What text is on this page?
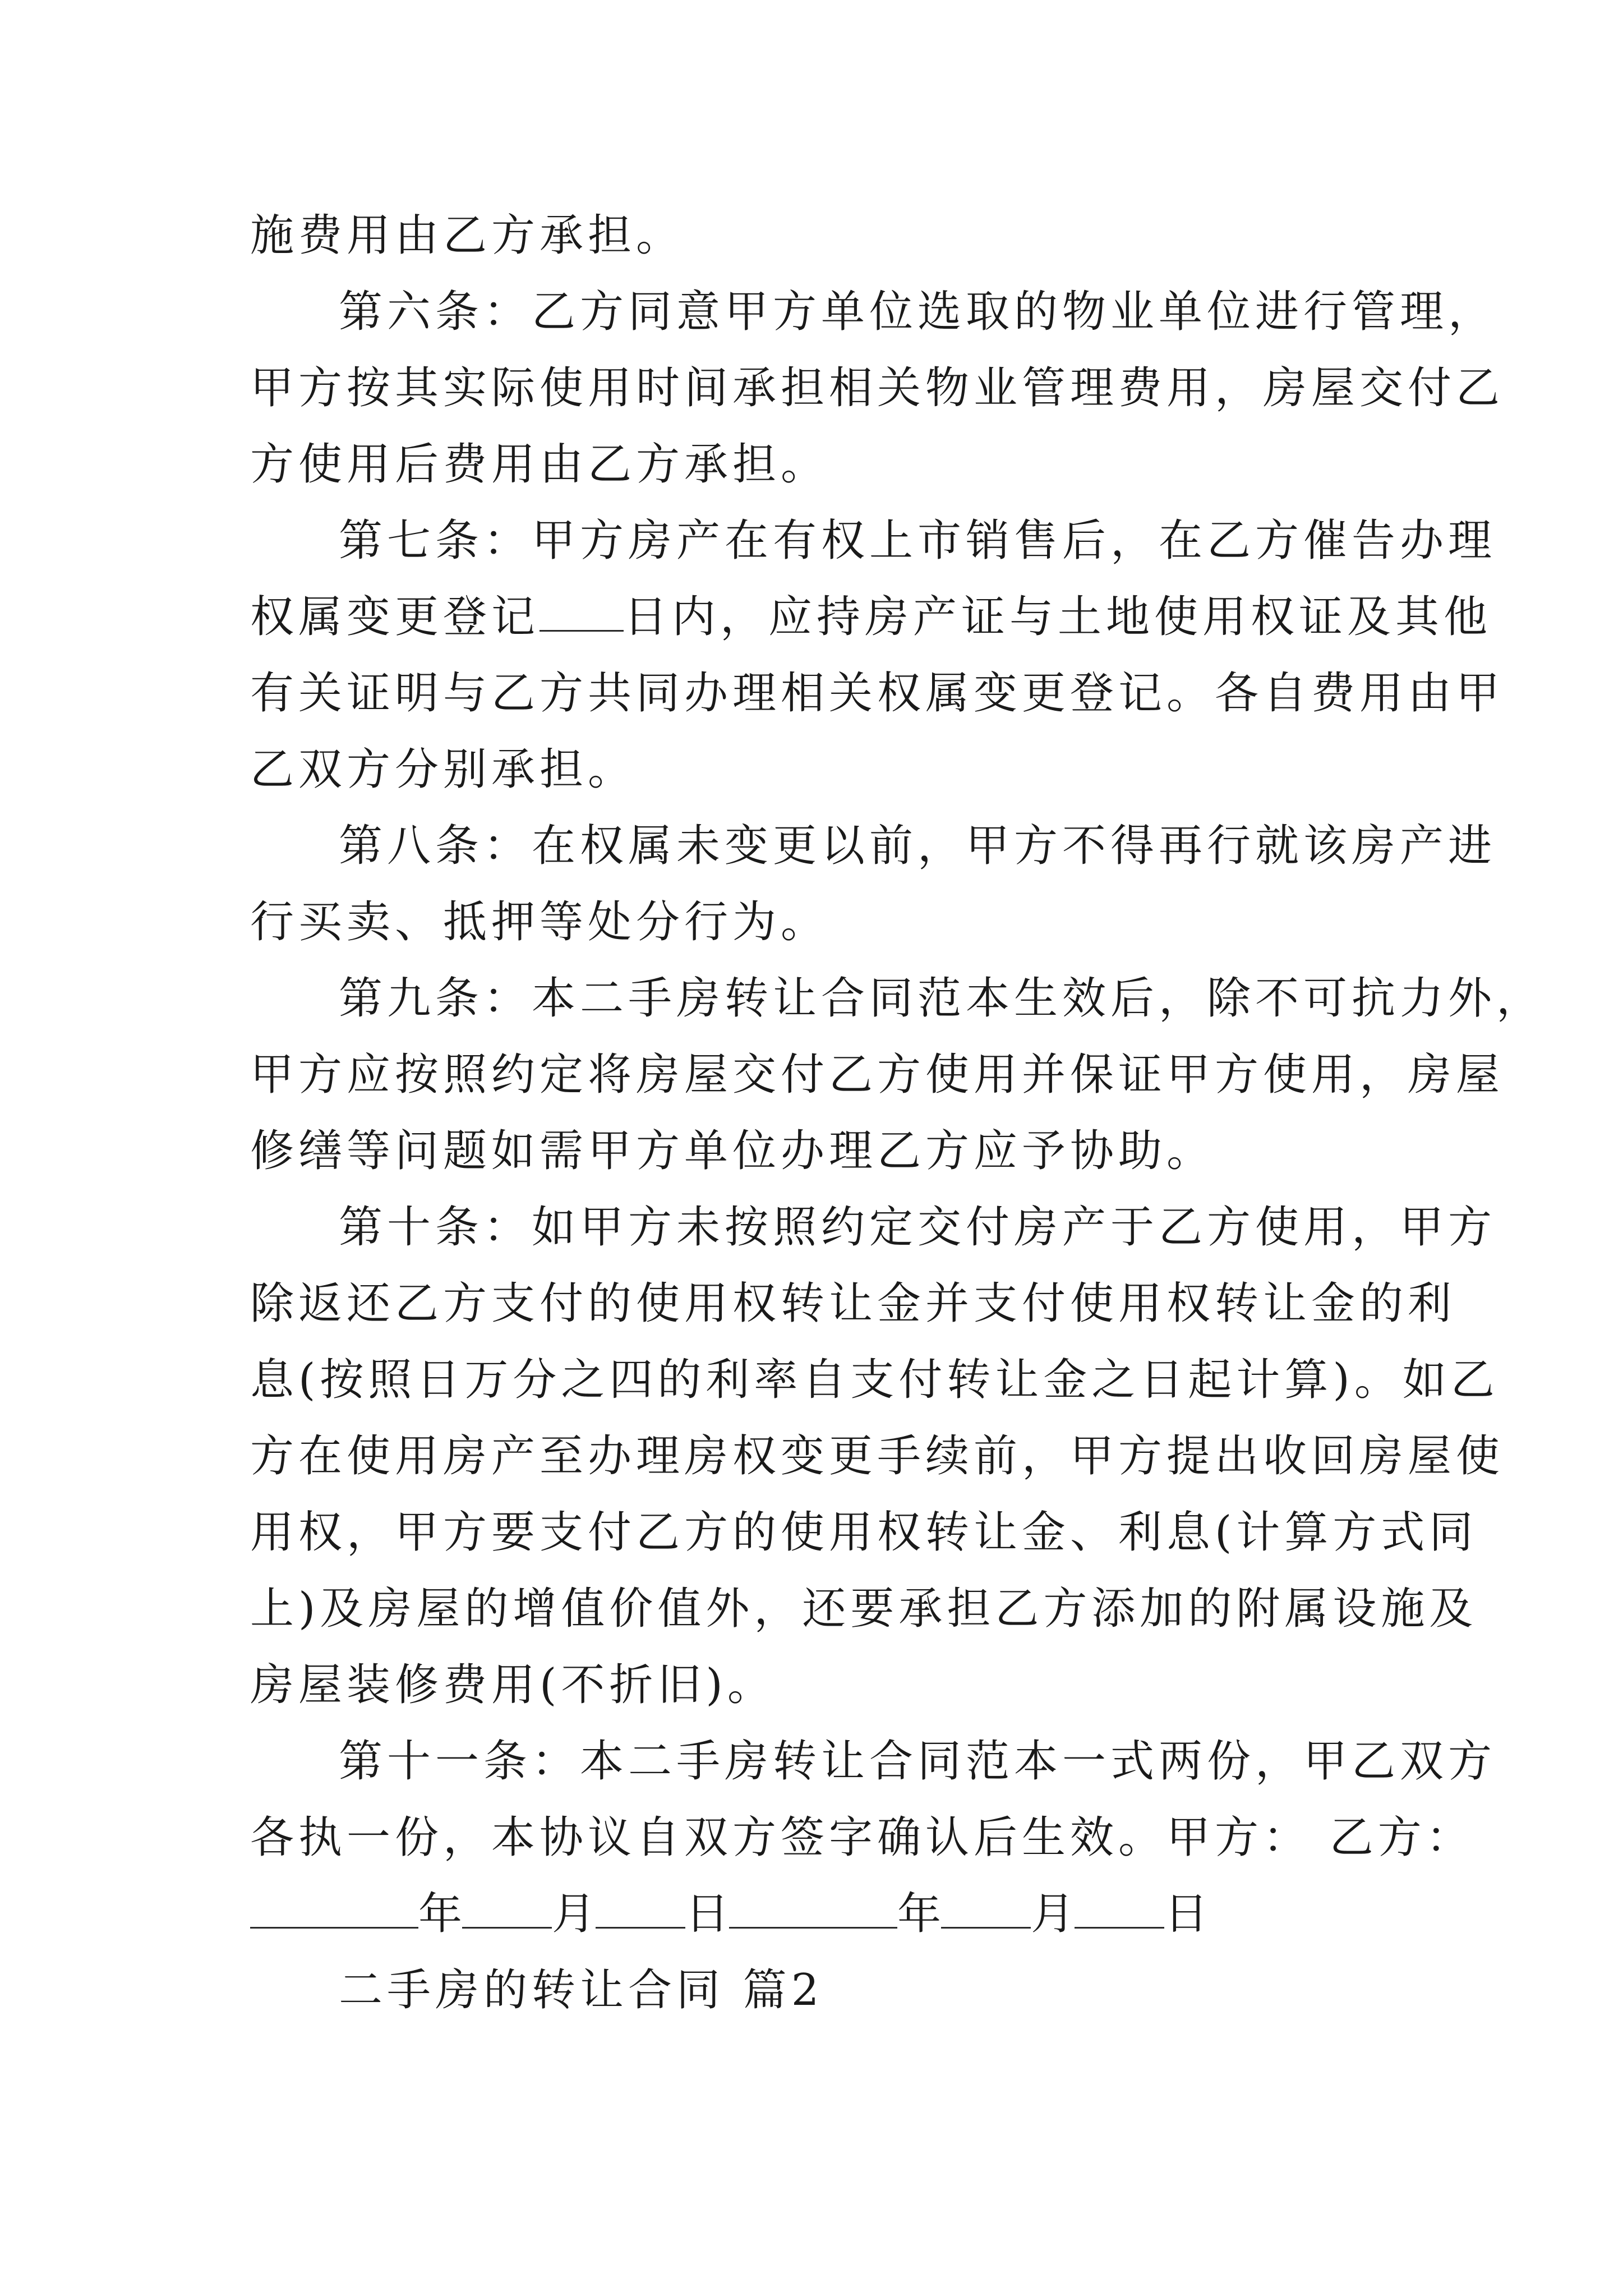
施费用由乙方承担。

第六条：乙方同意甲方单位选取的物业单位进行管理，

甲方按其实际使用时间承担相关物业管理费用，房屋交付乙

方使用后费用由乙方承担。

第七条：甲方房产在有权上市销售后，在乙方催告办理

权属变更登记 日内，应持房产证与土地使用权证及其他

有关证明与乙方共同办理相关权属变更登记。各自费用由甲

乙双方分别承担。

第八条：在权属未变更以前，甲方不得再行就该房产进

行买卖、抵押等处分行为。

第九条：本二手房转让合同范本生效后，除不可抗力外，

甲方应按照约定将房屋交付乙方使用并保证甲方使用，房屋

修缮等问题如需甲方单位办理乙方应予协助。

第十条：如甲方未按照约定交付房产于乙方使用，甲方

除返还乙方支付的使用权转让金并支付使用权转让金的利

息(按照日万分之四的利率自支付转让金之日起计算)。如乙

方在使用房产至办理房权变更手续前，甲方提出收回房屋使

用权，甲方要支付乙方的使用权转让金、利息(计算方式同

上)及房屋的增值价值外，还要承担乙方添加的附属设施及

房屋装修费用(不折旧)。

第十一条：本二手房转让合同范本一式两份，甲乙双方

各执一份，本协议自双方签字确认后生效。甲方： 乙方：

年 月 日	年 月 日

二手房的转让合同 篇2
